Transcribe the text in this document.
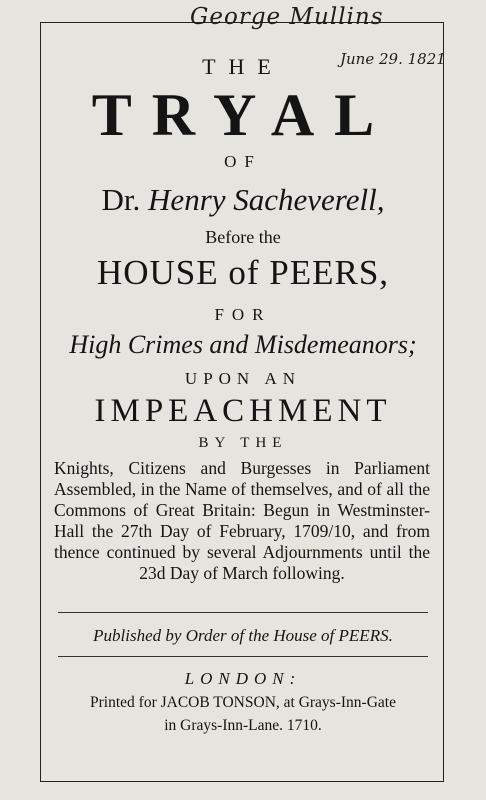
George Mullins
June 29. 1821
THE
TRYAL
OF
Dr. Henry Sacheverell,
Before the
HOUSE of PEERS,
FOR
High Crimes and Misdemeanors;
UPON AN
IMPEACHMENT
BY THE
Knights, Citizens and Burgesses in Parliament Assembled, in the Name of themselves, and of all the Commons of Great Britain: Begun in Westminster-Hall the 27th Day of February, 1709/10, and from thence continued by several Adjournments until the 23d Day of March following.
Published by Order of the House of PEERS.
LONDON:
Printed for JACOB TONSON, at Grays-Inn-Gate
in Grays-Inn-Lane. 1710.
